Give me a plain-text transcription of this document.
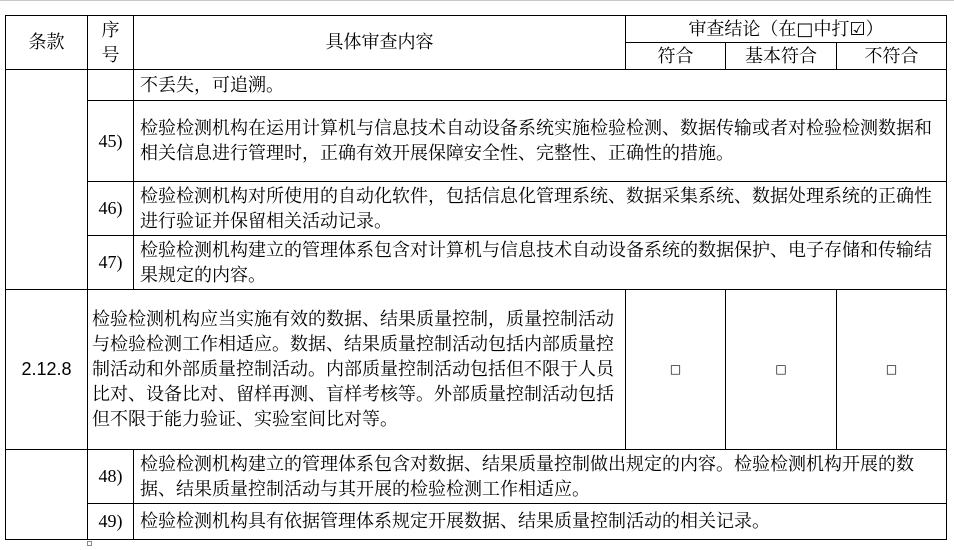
条款	序
号	具体审查内容	审查结论（在□中打☑）		
			符合	基本符合	不符合
		不丢失，可追溯。			
	45)	检验检测机构在运用计算机与信息技术自动设备系统实施检验检测、数据传输或者对检验检测数据和相关信息进行管理时，正确有效开展保障安全性、完整性、正确性的措施。			
	46)	检验检测机构对所使用的自动化软件，包括信息化管理系统、数据采集系统、数据处理系统的正确性进行验证并保留相关活动记录。			
	47)	检验检测机构建立的管理体系包含对计算机与信息技术自动设备系统的数据保护、电子存储和传输结果规定的内容。			
2.12.8	检验检测机构应当实施有效的数据、结果质量控制，质量控制活动与检验检测工作相适应。数据、结果质量控制活动包括内部质量控制活动和外部质量控制活动。内部质量控制活动包括但不限于人员比对、设备比对、留样再测、盲样考核等。外部质量控制活动包括但不限于能力验证、实验室间比对等。		□	□	□
	48)	检验检测机构建立的管理体系包含对数据、结果质量控制做出规定的内容。检验检测机构开展的数据、结果质量控制活动与其开展的检验检测工作相适应。			
	49)	检验检测机构具有依据管理体系规定开展数据、结果质量控制活动的相关记录。			
